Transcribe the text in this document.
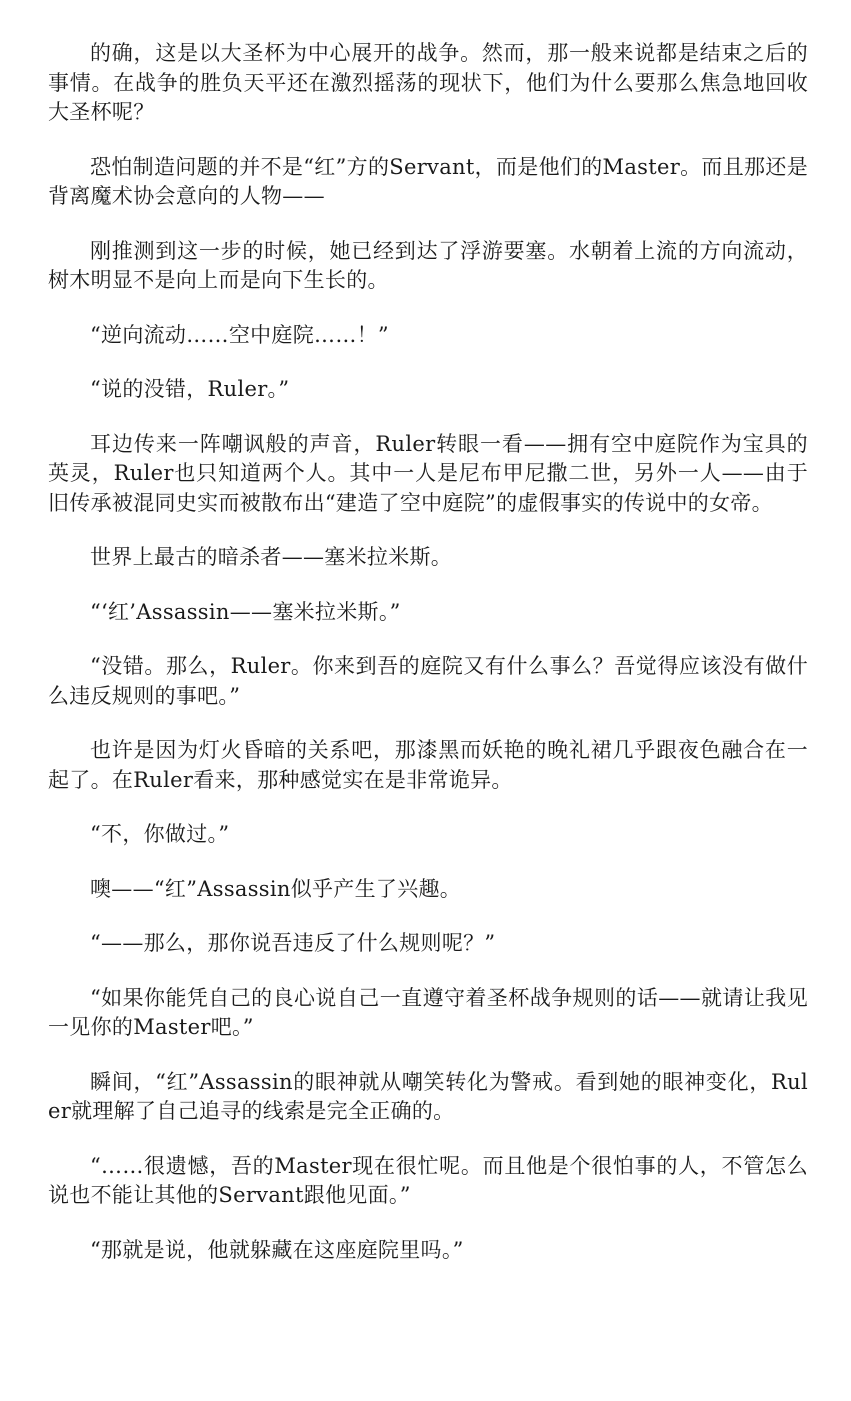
的确，这是以大圣杯为中心展开的战争。然而，那一般来说都是结束之后的事情。在战争的胜负天平还在激烈摇荡的现状下，他们为什么要那么焦急地回收大圣杯呢？

恐怕制造问题的并不是“红”方的Servant，而是他们的Master。而且那还是背离魔术协会意向的人物——

刚推测到这一步的时候，她已经到达了浮游要塞。水朝着上流的方向流动，树木明显不是向上而是向下生长的。

“逆向流动……空中庭院……！”

“说的没错，Ruler。”

耳边传来一阵嘲讽般的声音，Ruler转眼一看——拥有空中庭院作为宝具的英灵，Ruler也只知道两个人。其中一人是尼布甲尼撒二世，另外一人——由于旧传承被混同史实而被散布出“建造了空中庭院”的虚假事实的传说中的女帝。

世界上最古的暗杀者——塞米拉米斯。

“‘红’Assassin——塞米拉米斯。”

“没错。那么，Ruler。你来到吾的庭院又有什么事么？吾觉得应该没有做什么违反规则的事吧。”

也许是因为灯火昏暗的关系吧，那漆黑而妖艳的晚礼裙几乎跟夜色融合在一起了。在Ruler看来，那种感觉实在是非常诡异。

“不，你做过。”

噢——“红”Assassin似乎产生了兴趣。

“——那么，那你说吾违反了什么规则呢？”

“如果你能凭自己的良心说自己一直遵守着圣杯战争规则的话——就请让我见一见你的Master吧。”

瞬间，“红”Assassin的眼神就从嘲笑转化为警戒。看到她的眼神变化，Ruler就理解了自己追寻的线索是完全正确的。

“……很遗憾，吾的Master现在很忙呢。而且他是个很怕事的人，不管怎么说也不能让其他的Servant跟他见面。”

“那就是说，他就躲藏在这座庭院里吗。”
